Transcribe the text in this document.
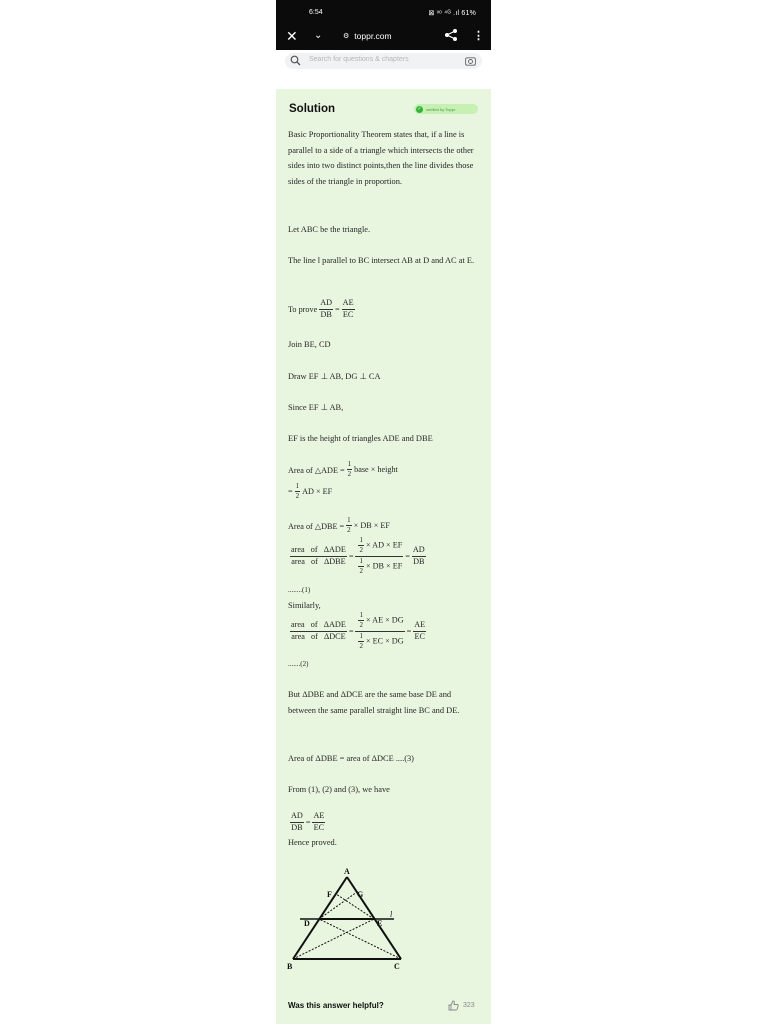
6:54	⊠ ᵛᵒ ⁴ᴳ .ıl 61%
✕ ⌄	⚙ toppr.com	⋮
Search for questions & chapters
Solution	✓	verified by Toppr

Basic Proportionality Theorem states that, if a line is parallel to a side of a triangle which intersects the other sides into two distinct points,then the line divides those sides of the triangle in proportion.

Let ABC be the triangle.

The line l parallel to BC intersect AB at D and AC at E.

To prove $\frac{AD}{DB} = \frac{AE}{EC}$

Join BE, CD

Draw EF ⊥ AB, DG ⊥ CA

Since EF ⊥ AB,

EF is the height of triangles ADE and DBE

Area of △ADE = $\frac{1}{2}$ base × height
= $\frac{1}{2}$ AD × EF
Area of △DBE = $\frac{1}{2}$ × DB × EF
$\frac{\text{area   of   ΔADE}}{\text{area   of   ΔDBE}} = \frac{\frac{1}{2} \times AD \times EF}{\frac{1}{2} \times DB \times EF} = \frac{AD}{DB}$

........(1)

Similarly,

$\frac{\text{area   of   ΔADE}}{\text{area   of   ΔDCE}} = \frac{\frac{1}{2} \times AE \times DG}{\frac{1}{2} \times EC \times DG} = \frac{AE}{EC}$

.......(2)

But ΔDBE and ΔDCE are the same base DE and between the same parallel straight line BC and DE.

Area of ΔDBE = area of ΔDCE ....(3)

From (1), (2) and (3), we have

$\frac{AD}{DB} = \frac{AE}{EC}$

Hence proved.

A
B	C
D	E
F	G
l
Was this answer helpful?	323
